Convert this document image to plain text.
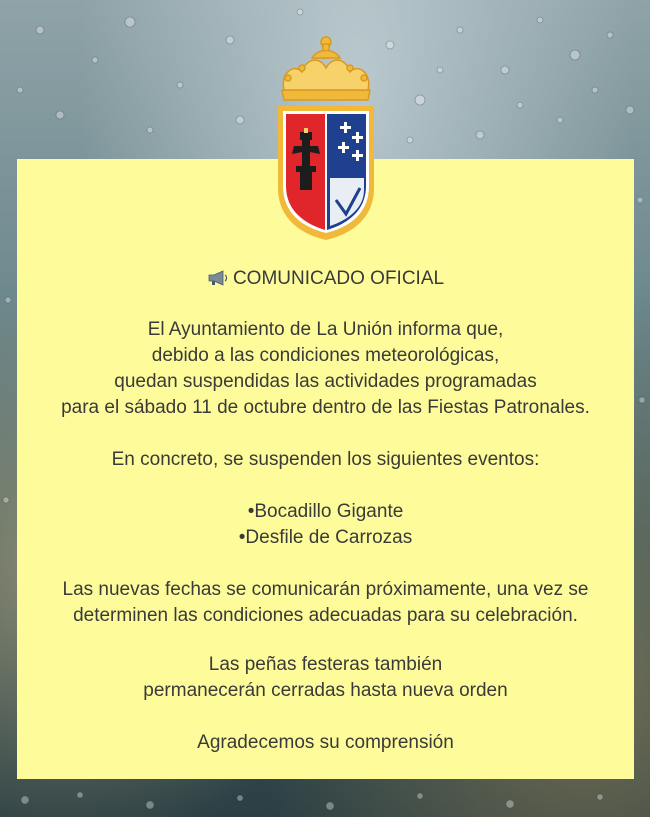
COMUNICADO OFICIAL
El Ayuntamiento de La Unión informa que,
debido a las condiciones meteorológicas,
quedan suspendidas las actividades programadas
para el sábado 11 de octubre dentro de las Fiestas Patronales.
En concreto, se suspenden los siguientes eventos:
•Bocadillo Gigante
•Desfile de Carrozas
Las nuevas fechas se comunicarán próximamente, una vez se
determinen las condiciones adecuadas para su celebración.
Las peñas festeras también
permanecerán cerradas hasta nueva orden
Agradecemos su comprensión
